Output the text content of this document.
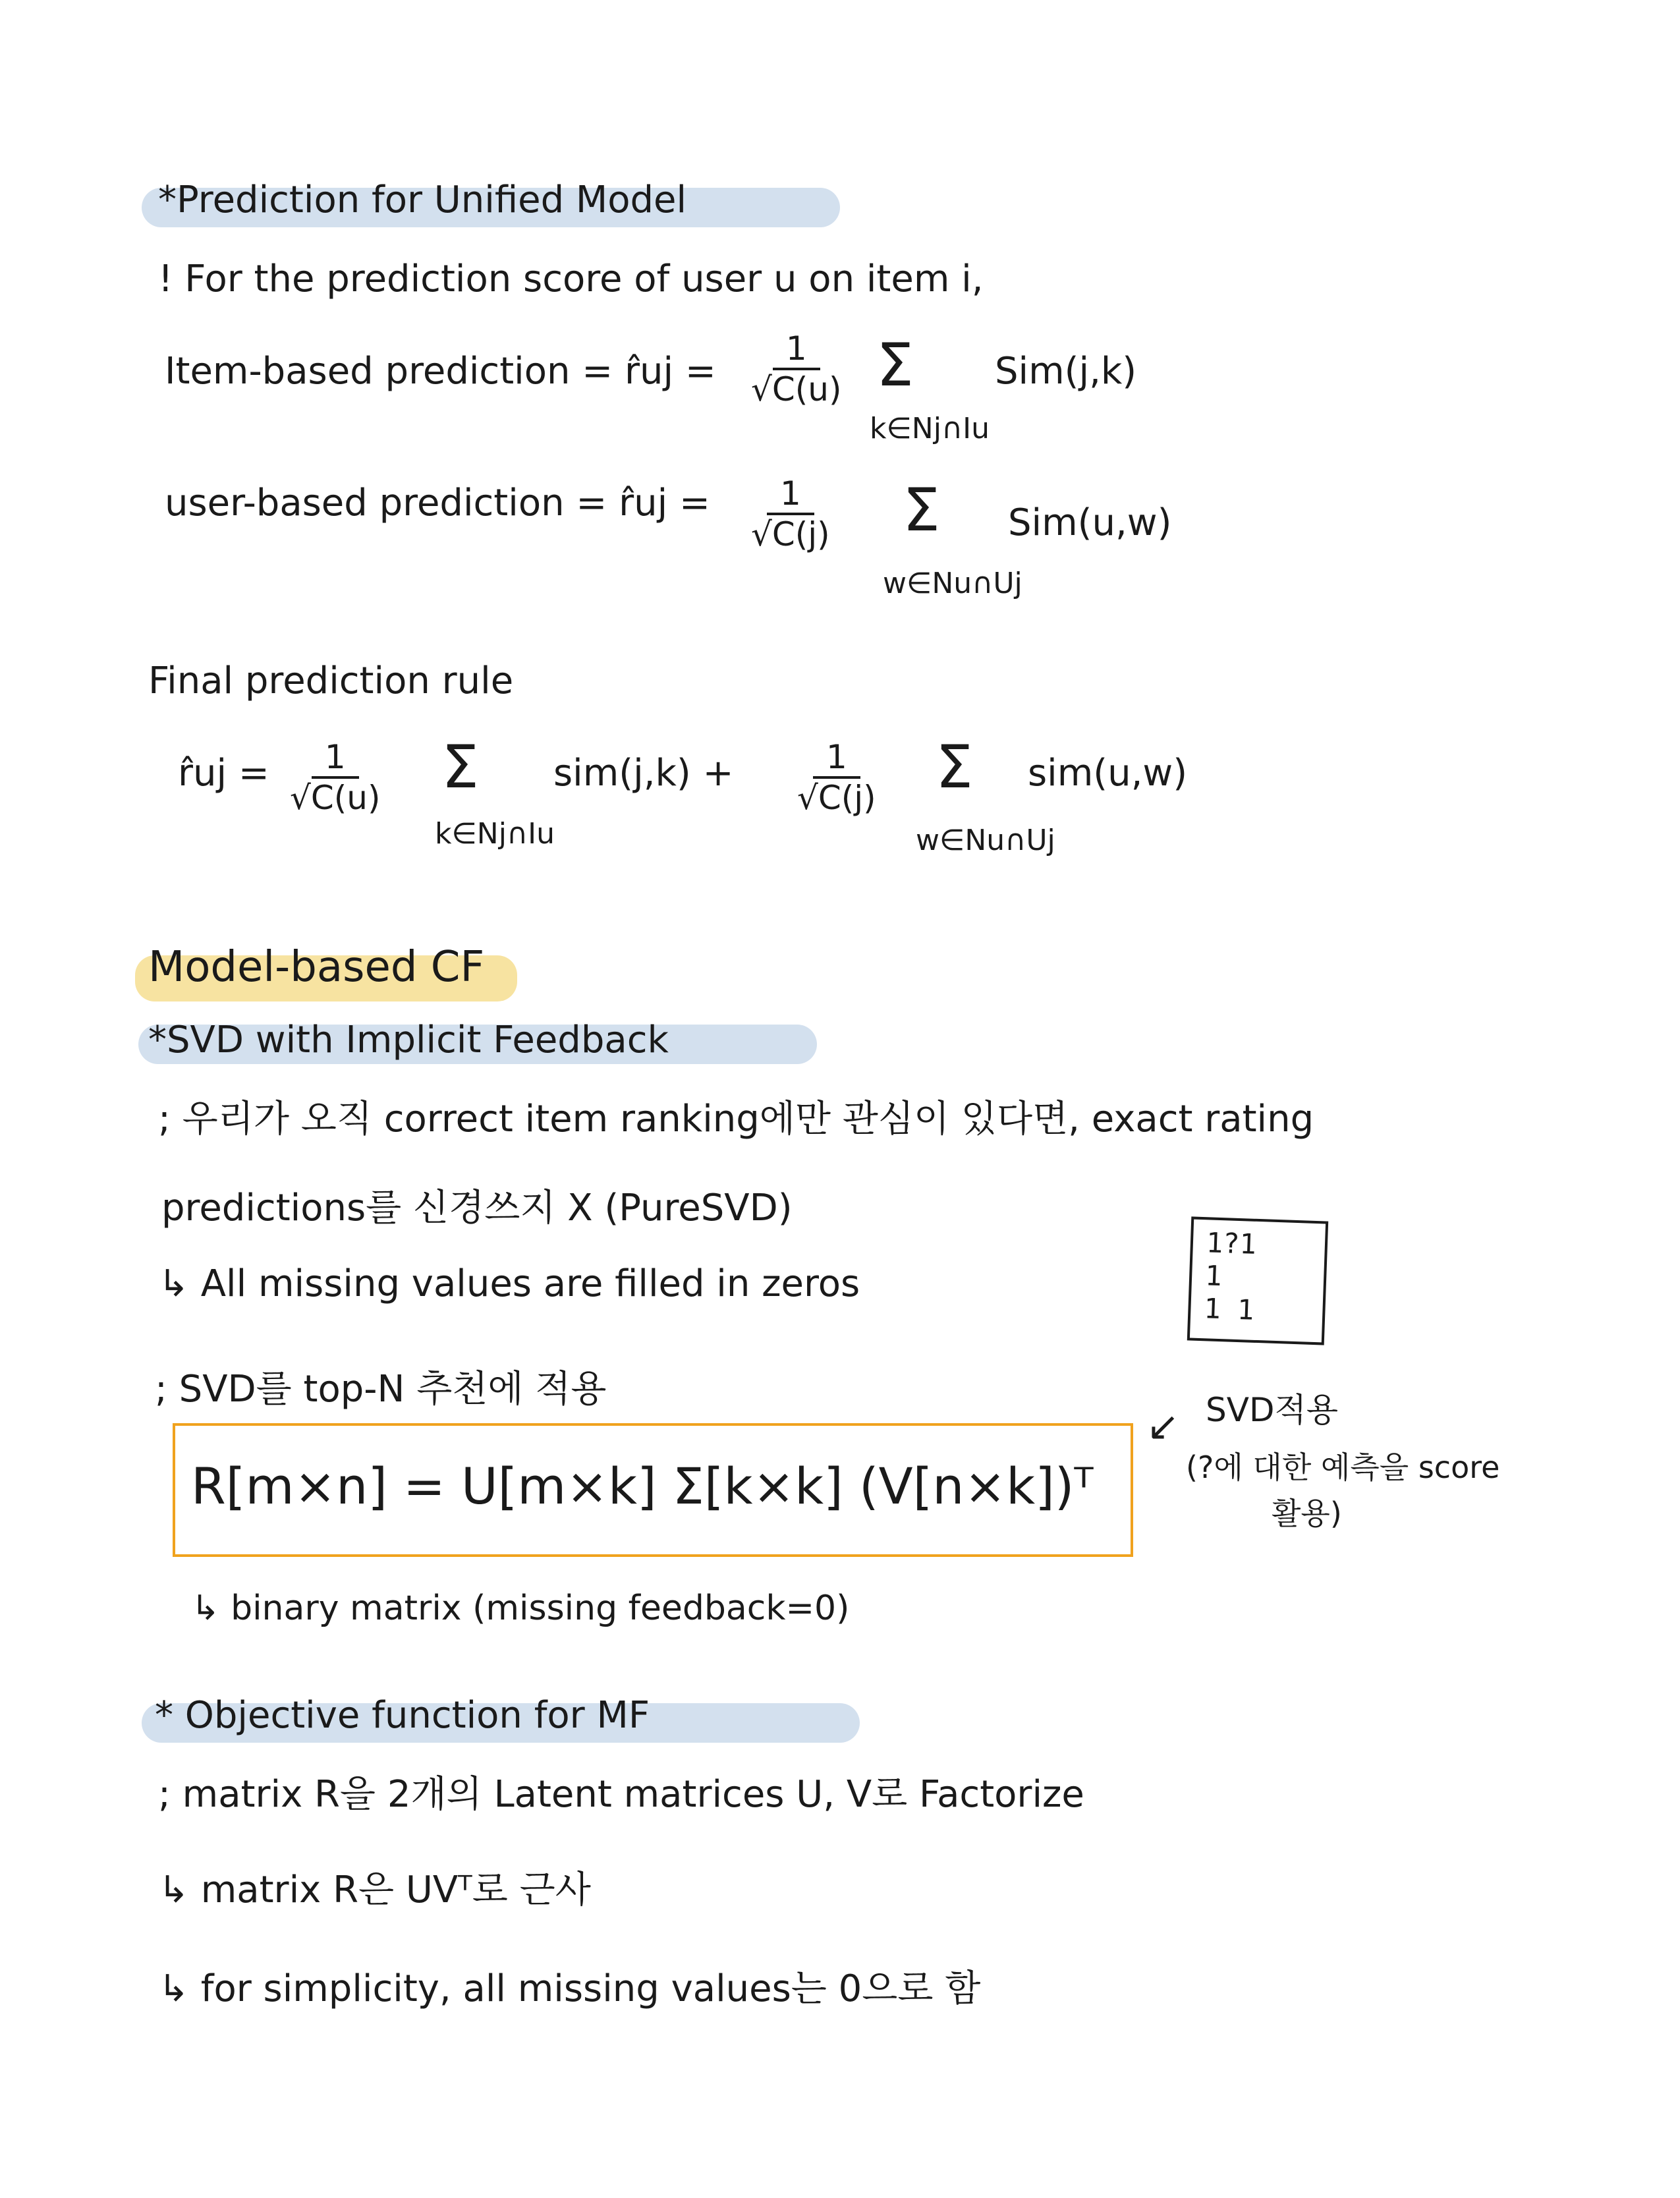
*Prediction for Unified Model
! For the prediction score of user u on item i,
Item-based prediction = r̂uj = $\frac{1}{√C(u)}$ Σ Sim(j,k)
k∈Nj∩Iu
user-based prediction = r̂uj = $\frac{1}{√C(j)}$ Σ Sim(u,w)
w∈Nu∩Uj
Final prediction rule
r̂uj = $\frac{1}{√C(u)}$ Σ sim(j,k) +
k∈Nj∩Iu
$\frac{1}{√C(j)}$ Σ sim(u,w)
w∈Nu∩Uj
Model-based CF
*SVD with Implicit Feedback
; 우리가 오직 correct item ranking에만 관심이 있다면, exact rating
predictions를 신경쓰지 X (PureSVD)
↳ All missing values are filled in zeros
; SVD를 top-N 추천에 적용
1?1
1
1 1
R[m×n] = U[m×k] Σ[k×k] (V[n×k])ᵀ
↙ SVD적용
(?에 대한 예측을 score
활용)
↳ binary matrix (missing feedback=0)
* Objective function for MF
; matrix R을 2개의 Latent matrices U, V로 Factorize
↳ matrix R은 UVᵀ로 근사
↳ for simplicity, all missing values는 0으로 함
